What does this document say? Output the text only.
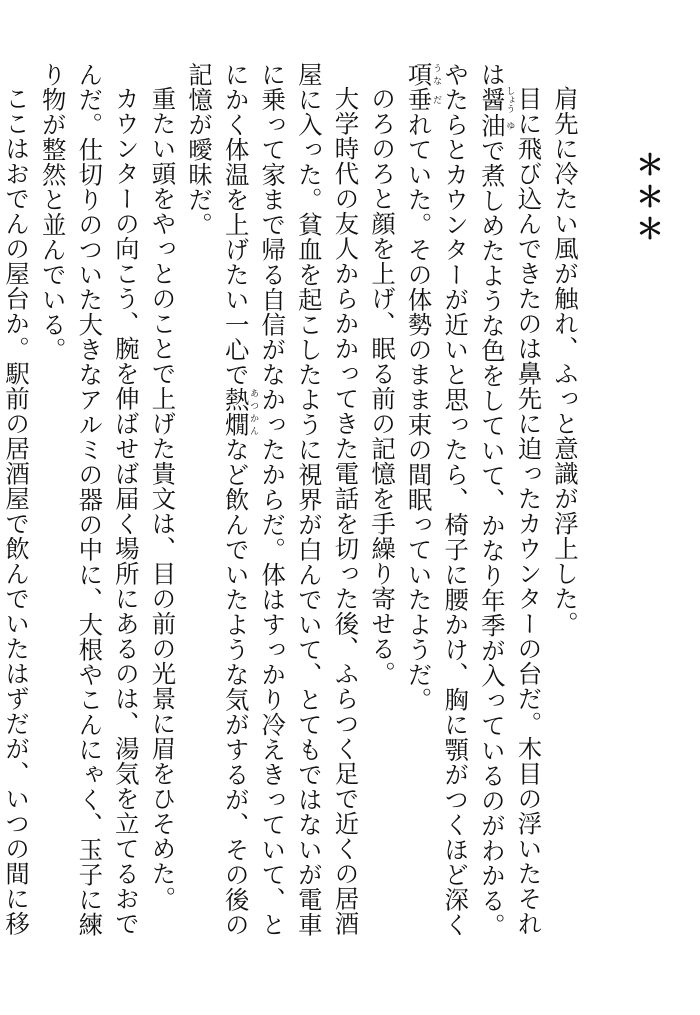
＊＊＊

肩先に冷たい風が触れ、ふっと意識が浮上した。

目に飛び込んできたのは鼻先に迫ったカウンターの台だ。木目の浮いたそれは醤しょう油ゆで煮しめたような色をしていて、かなり年季が入っているのがわかる。やたらとカウンターが近いと思ったら、椅子に腰かけ、胸に顎がつくほど深く項うな垂だれていた。その体勢のまま束の間眠っていたようだ。

のろのろと顔を上げ、眠る前の記憶を手繰り寄せる。

大学時代の友人からかかってきた電話を切った後、ふらつく足で近くの居酒屋に入った。貧血を起こしたように視界が白んでいて、とてもではないが電車に乗って家まで帰る自信がなかったからだ。体はすっかり冷えきっていて、とにかく体温を上げたい一心で熱燗あつかんなど飲んでいたような気がするが、その後の記憶が曖昧だ。

重たい頭をやっとのことで上げた貴文は、目の前の光景に眉をひそめた。

カウンターの向こう、腕を伸ばせば届く場所にあるのは、湯気を立てるおでんだ。仕切りのついた大きなアルミの器の中に、大根やこんにゃく、玉子に練り物が整然と並んでいる。

ここはおでんの屋台か。駅前の居酒屋で飲んでいたはずだが、いつの間に移
